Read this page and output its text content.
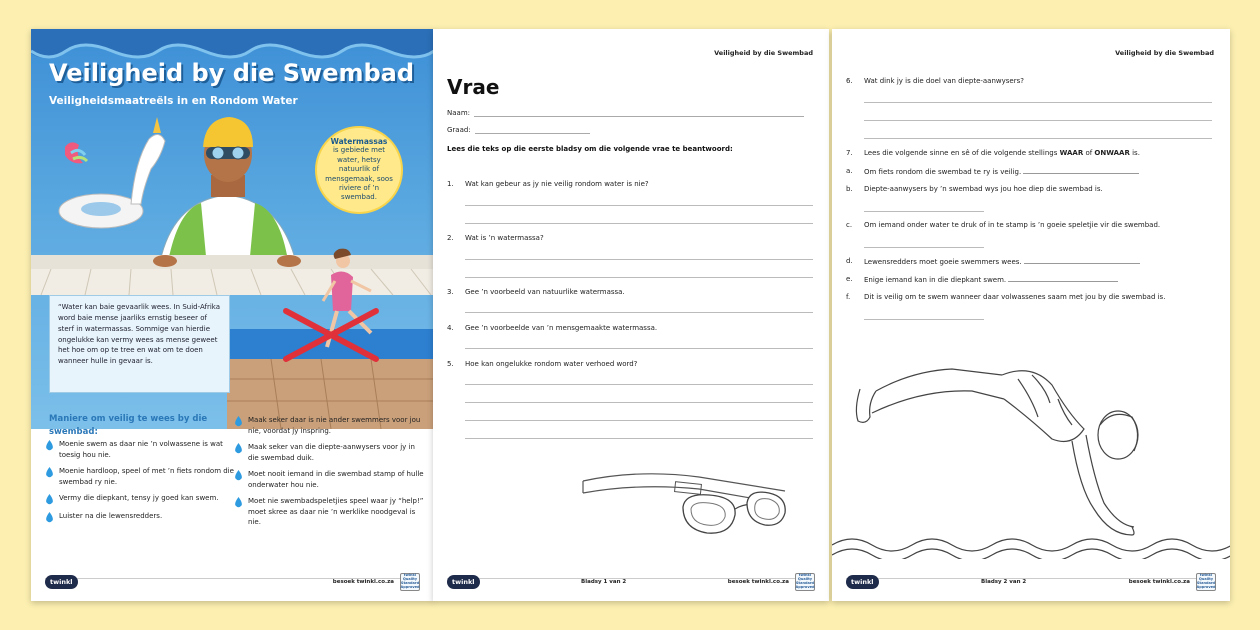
Veiligheid by die Swembad
Veiligheidsmaatreëls in en Rondom Water
Watermassas
is gebiede met water, hetsy natuurlik of mensgemaak, soos riviere of ’n swembad.
“Water kan baie gevaarlik wees. In Suid-Afrika word baie mense jaarliks ernstig beseer of sterf in watermassas. Sommige van hierdie ongelukke kan vermy wees as mense geweet het hoe om op te tree en wat om te doen wanneer hulle in gevaar is.
Maniere om veilig te wees by die swembad:
Moenie swem as daar nie ’n volwassene is wat toesig hou nie.
Moenie hardloop, speel of met ’n fiets rondom die swembad ry nie.
Vermy die diepkant, tensy jy goed kan swem.
Luister na die lewensredders.
Maak seker daar is nie ander swemmers voor jou nie, voordat jy inspring.
Maak seker van die diepte-aanwysers voor jy in die swembad duik.
Moet nooit iemand in die swembad stamp of hulle onderwater hou nie.
Moet nie swembadspeletjies speel waar jy “help!” moet skree as daar nie ’n werklike noodgeval is nie.
twinkl	besoek twinkl.co.za
twinkl Quality Standard Approved
Veiligheid by die Swembad
Vrae
Naam:
Graad:
Lees die teks op die eerste bladsy om die volgende vrae te beantwoord:
1.	Wat kan gebeur as jy nie veilig rondom water is nie?
2.	Wat is ’n watermassa?
3.	Gee ’n voorbeeld van natuurlike watermassa.
4.	Gee ’n voorbeelde van ’n mensgemaakte watermassa.
5.	Hoe kan ongelukke rondom water verhoed word?
twinkl	Bladsy 1 van 2	besoek twinkl.co.za
twinkl Quality Standard Approved
Veiligheid by die Swembad
6.	Wat dink jy is die doel van diepte-aanwysers?
7.	Lees die volgende sinne en sê of die volgende stellings WAAR of ONWAAR is.
a.	Om fiets rondom die swembad te ry is veilig.
b.	Diepte-aanwysers by ’n swembad wys jou hoe diep die swembad is.
c.	Om iemand onder water te druk of in te stamp is ’n goeie speletjie vir die swembad.
d.	Lewensredders moet goeie swemmers wees.
e.	Enige iemand kan in die diepkant swem.
f.	Dit is veilig om te swem wanneer daar volwassenes saam met jou by die swembad is.
twinkl	Bladsy 2 van 2	besoek twinkl.co.za
twinkl Quality Standard Approved
